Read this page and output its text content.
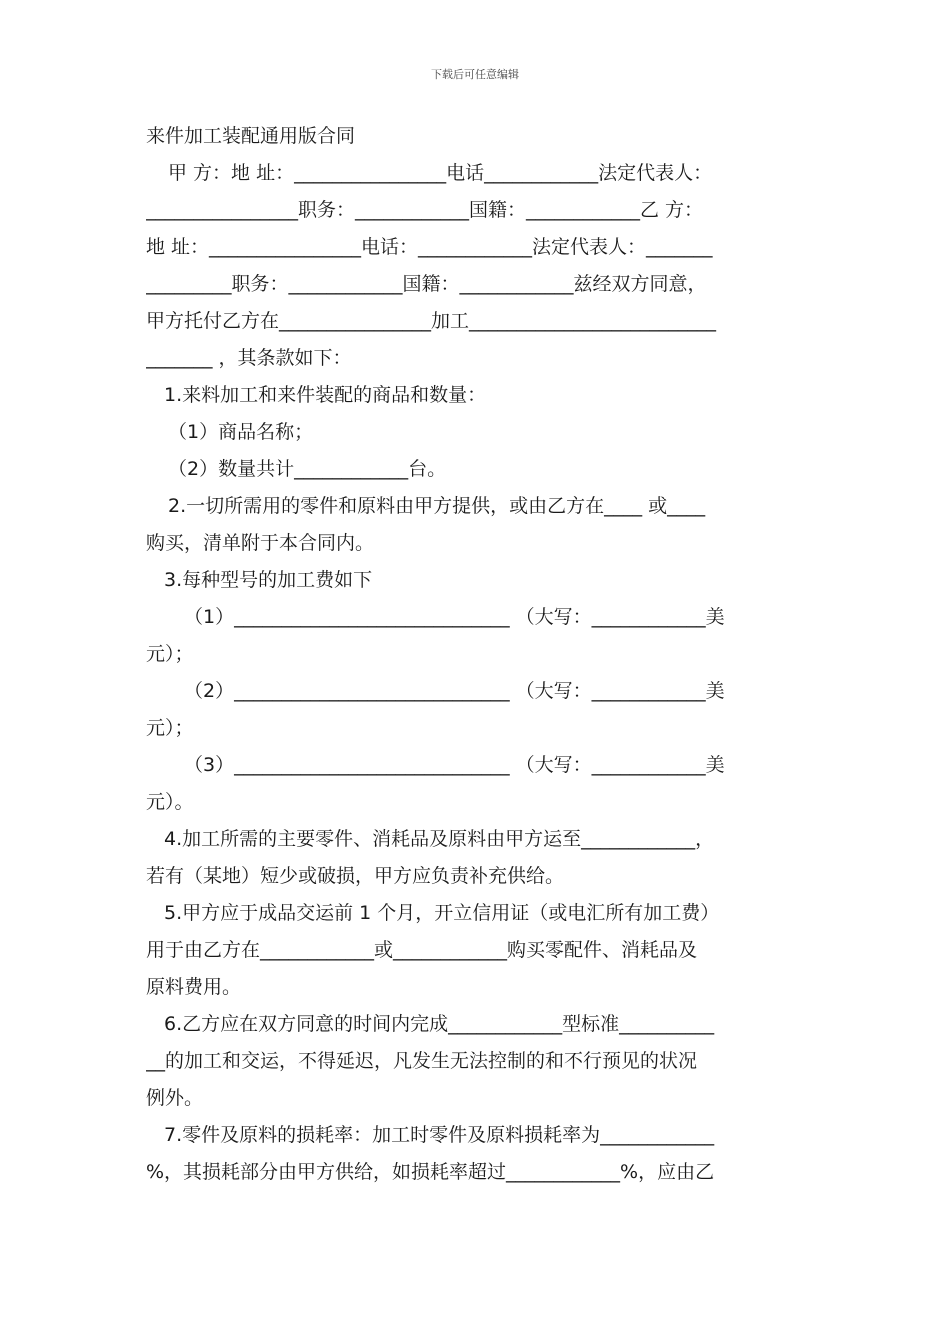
下载后可任意编辑
来件加工装配通用版合同
甲 方：地 址：________________电话____________法定代表人：
________________职务：____________国籍：____________乙 方：
地 址：________________电话：____________法定代表人：_______
_________职务：____________国籍：____________兹经双方同意，
甲方托付乙方在________________加工__________________________
_______ ，其条款如下：
1.来料加工和来件装配的商品和数量：
（1）商品名称；
（2）数量共计____________台。
2.一切所需用的零件和原料由甲方提供，或由乙方在____ 或____
购买，清单附于本合同内。
3.每种型号的加工费如下
（1）_____________________________ （大写：____________美
元）；
（2）_____________________________ （大写：____________美
元）；
（3）_____________________________ （大写：____________美
元）。
4.加工所需的主要零件、消耗品及原料由甲方运至____________，
若有（某地）短少或破损，甲方应负责补充供给。
5.甲方应于成品交运前 1 个月，开立信用证（或电汇所有加工费）
用于由乙方在____________或____________购买零配件、消耗品及
原料费用。
6.乙方应在双方同意的时间内完成____________型标准__________
__的加工和交运，不得延迟，凡发生无法控制的和不行预见的状况
例外。
7.零件及原料的损耗率：加工时零件及原料损耗率为____________
%，其损耗部分由甲方供给，如损耗率超过____________%，应由乙
